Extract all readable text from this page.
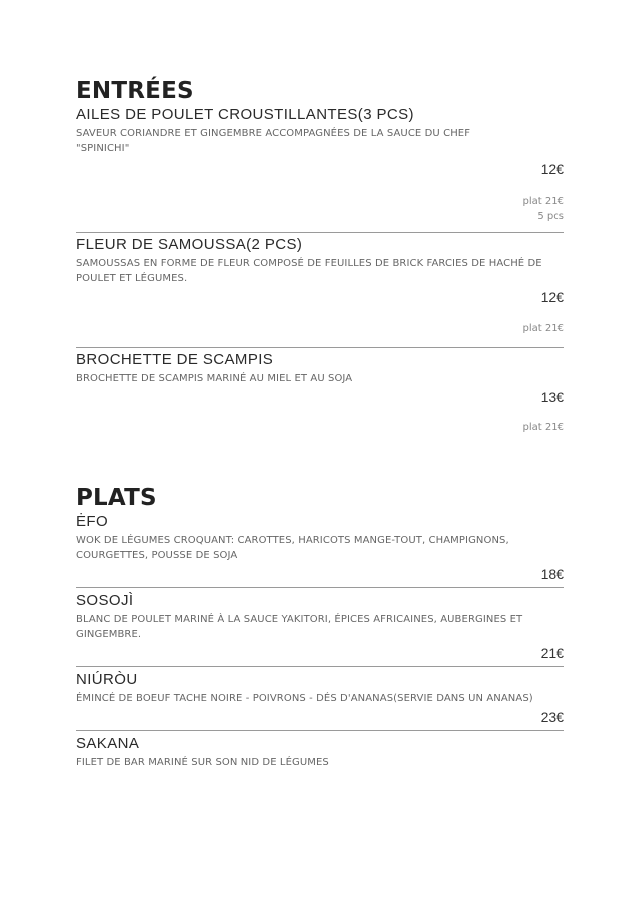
ENTRÉES

AILES DE POULET CROUSTILLANTES(3 PCS)

SAVEUR CORIANDRE ET GINGEMBRE ACCOMPAGNÉES DE LA SAUCE DU CHEF "SPINICHI"

12€

plat 21€

5 pcs

FLEUR DE SAMOUSSA(2 PCS)

SAMOUSSAS EN FORME DE FLEUR COMPOSÉ DE FEUILLES DE BRICK FARCIES DE HACHÉ DE POULET ET LÉGUMES.

12€

plat 21€

BROCHETTE DE SCAMPIS

BROCHETTE DE SCAMPIS MARINÉ AU MIEL ET AU SOJA

13€

plat 21€

PLATS

ĖFO

WOK DE LÉGUMES CROQUANT: CAROTTES, HARICOTS MANGE-TOUT, CHAMPIGNONS, COURGETTES, POUSSE DE SOJA

18€

SOSOJÌ

BLANC DE POULET MARINÉ À LA SAUCE YAKITORI, ÉPICES AFRICAINES, AUBERGINES ET GINGEMBRE.

21€

NIÚRÒU

ÉMINCÉ DE BOEUF TACHE NOIRE - POIVRONS - DÉS D'ANANAS(SERVIE DANS UN ANANAS)

23€

SAKANA

FILET DE BAR MARINÉ SUR SON NID DE LÉGUMES
